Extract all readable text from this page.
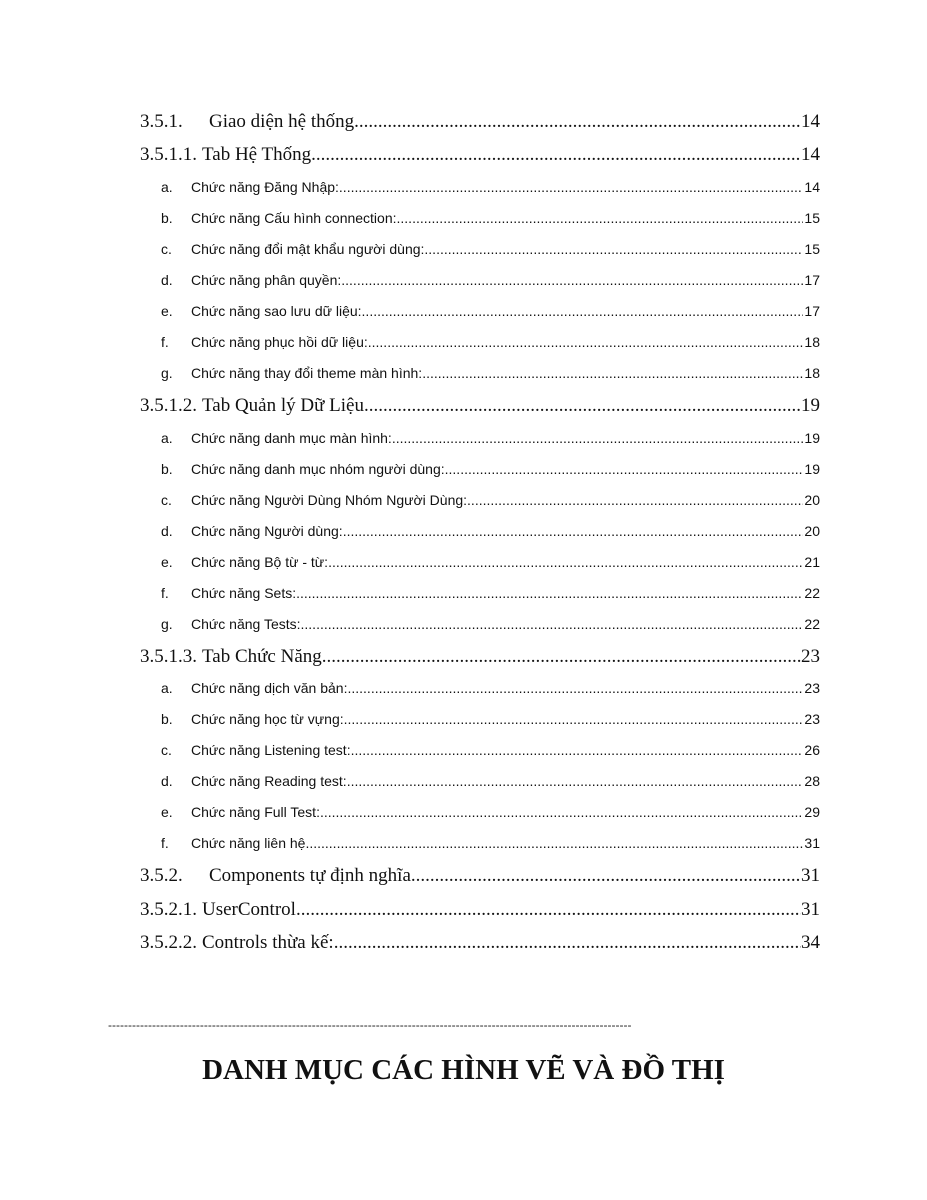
3.5.1.	Giao diện hệ thống .....	14
3.5.1.1. Tab Hệ Thống .....	14
a.	Chức năng Đăng Nhập: .....	14
b.	Chức năng Cấu hình connection: .....	15
c.	Chức năng đổi mật khẩu người dùng: .....	15
d.	Chức năng phân quyền: .....	17
e.	Chức năng sao lưu dữ liệu: .....	17
f.	Chức năng phục hồi dữ liệu: .....	18
g.	Chức năng thay đổi theme màn hình: .....	18
3.5.1.2. Tab Quản lý Dữ Liệu .....	19
a.	Chức năng danh mục màn hình: .....	19
b.	Chức năng danh mục nhóm người dùng: .....	19
c.	Chức năng Người Dùng Nhóm Người Dùng: .....	20
d.	Chức năng Người dùng: .....	20
e.	Chức năng Bộ từ - từ: .....	21
f.	Chức năng Sets: .....	22
g.	Chức năng Tests: .....	22
3.5.1.3. Tab Chức Năng .....	23
a.	Chức năng dịch văn bản: .....	23
b.	Chức năng học từ vựng: .....	23
c.	Chức năng Listening test: .....	26
d.	Chức năng Reading test: .....	28
e.	Chức năng Full Test: .....	29
f.	Chức năng liên hệ .....	31
3.5.2.	Components tự định nghĩa .....	31
3.5.2.1. UserControl .....	31
3.5.2.2. Controls thừa kế: .....	34
-----------------------------------------------------------------------------------------------------------------------------------
DANH MỤC CÁC HÌNH VẼ VÀ ĐỒ THỊ
